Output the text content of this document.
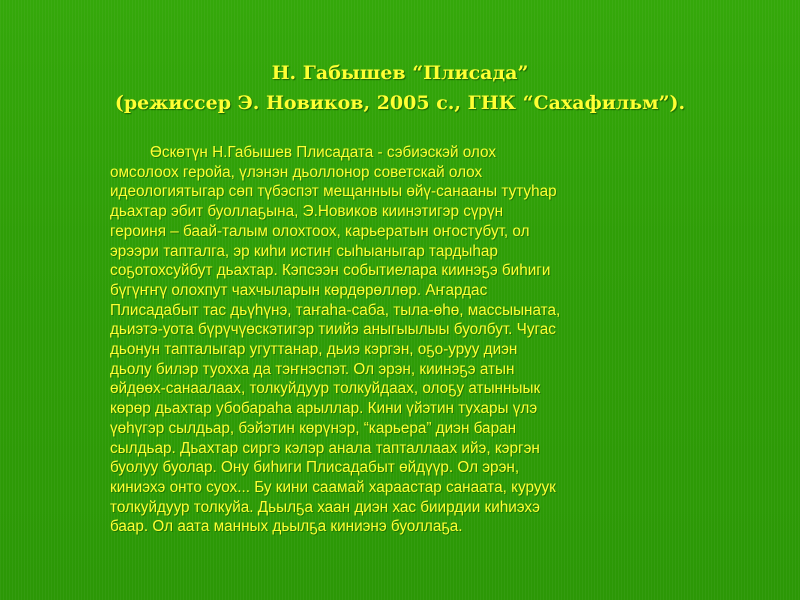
Н. Габышев “Плисада”

(режиссер Э. Новиков, 2005 с., ГНК “Сахафильм”).

Өскөтүн Н.Габышев Плисадата - сэбиэскэй олох
омсолоох геройа, үлэнэн дьоллонор советскай олох
идеологиятыгар сөп түбэспэт мещанныы өйү-санааны тутуһар
дьахтар эбит буоллаҕына, Э.Новиков киинэтигэр сүрүн
героиня – баай-талым олохтоох, карьератын оҥостубут, ол
эрээри тапталга, эр киһи истиҥ сыһыаныгар тардыһар
соҕотохсуйбут дьахтар. Кэпсээн событиелара киинэҕэ биһиги
бүгүҥҥү олохпут чахчыларын көрдөрөллөр. Аҥардас
Плисадабыт тас дьүһүнэ, таҥаһа-саба, тыла-өһө, массыыната,
дьиэтэ-уота бүрүчүөскэтигэр тиийэ аныгыылыы буолбут. Чугас
дьонун тапталыгар угуттанар, дьиэ кэргэн, оҕо-уруу диэн
дьолу билэр туохха да тэҥнэспэт. Ол эрэн, киинэҕэ атын
өйдөөх-санаалаах, толкуйдуур толкуйдаах, олоҕу атынныык
көрөр дьахтар убобараһа арыллар. Кини үйэтин тухары үлэ
үөһүгэр сылдьар, бэйэтин көрүнэр, “карьера” диэн баран
сылдьар. Дьахтар сиргэ кэлэр анала тапталлаах ийэ, кэргэн
буолуу буолар. Ону биһиги Плисадабыт өйдүүр. Ол эрэн,
киниэхэ онто суох... Бу кини саамай хараастар санаата, куруук
толкуйдуур толкуйа. Дьылҕа хаан диэн хас биирдии киһиэхэ
баар. Ол аата манных дьылҕа киниэнэ буоллаҕа.
